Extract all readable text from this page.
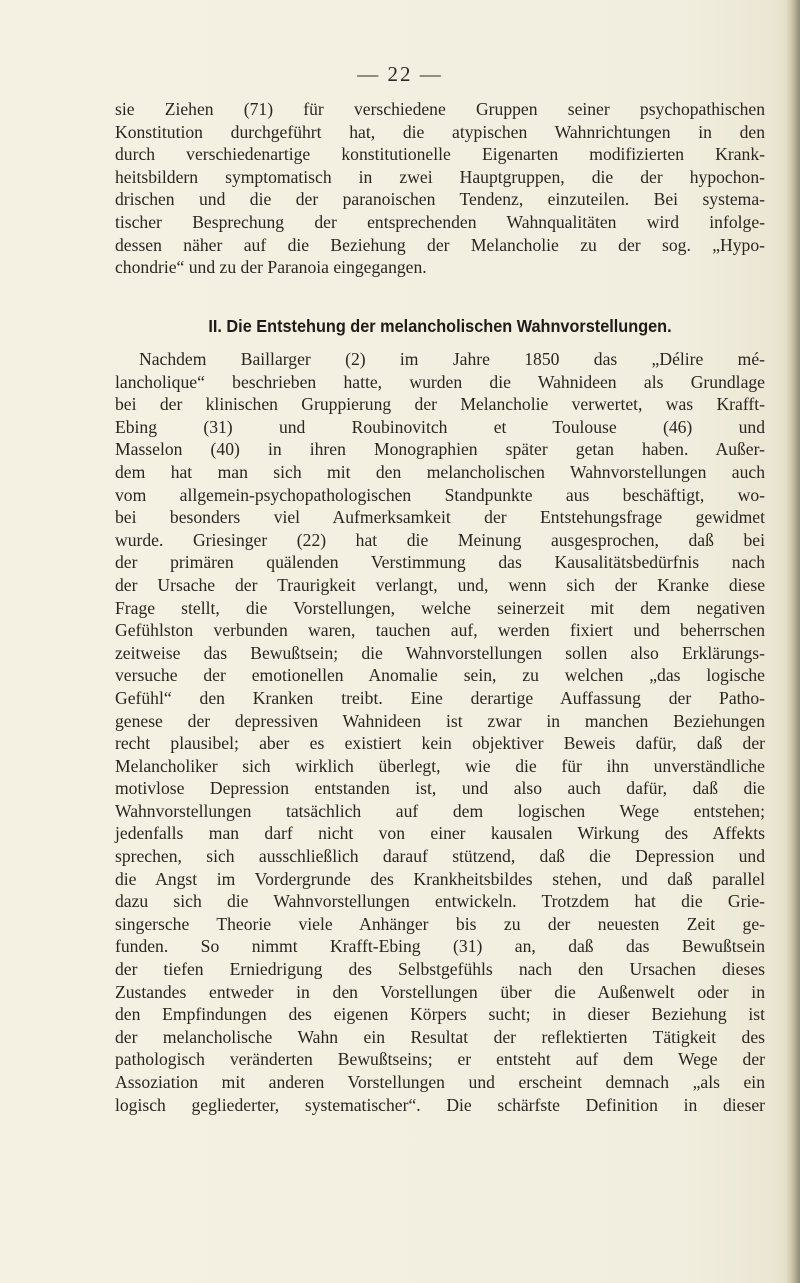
— 22 —
sie Ziehen (71) für verschiedene Gruppen seiner psychopathischen
Konstitution durchgeführt hat, die atypischen Wahnrichtungen in den
durch verschiedenartige konstitutionelle Eigenarten modifizierten Krank-
heitsbildern symptomatisch in zwei Hauptgruppen, die der hypochon-
drischen und die der paranoischen Tendenz, einzuteilen. Bei systema-
tischer Besprechung der entsprechenden Wahnqualitäten wird infolge-
dessen näher auf die Beziehung der Melancholie zu der sog. „Hypo-
chondrie“ und zu der Paranoia eingegangen.
II. Die Entstehung der melancholischen Wahnvorstellungen.
Nachdem Baillarger (2) im Jahre 1850 das „Délire mé-
lancholique“ beschrieben hatte, wurden die Wahnideen als Grundlage
bei der klinischen Gruppierung der Melancholie verwertet, was Krafft-
Ebing (31) und Roubinovitch et Toulouse (46) und
Masselon (40) in ihren Monographien später getan haben. Außer-
dem hat man sich mit den melancholischen Wahnvorstellungen auch
vom allgemein-psychopathologischen Standpunkte aus beschäftigt, wo-
bei besonders viel Aufmerksamkeit der Entstehungsfrage gewidmet
wurde. Griesinger (22) hat die Meinung ausgesprochen, daß bei
der primären quälenden Verstimmung das Kausalitätsbedürfnis nach
der Ursache der Traurigkeit verlangt, und, wenn sich der Kranke diese
Frage stellt, die Vorstellungen, welche seinerzeit mit dem negativen
Gefühlston verbunden waren, tauchen auf, werden fixiert und beherrschen
zeitweise das Bewußtsein; die Wahnvorstellungen sollen also Erklärungs-
versuche der emotionellen Anomalie sein, zu welchen „das logische
Gefühl“ den Kranken treibt. Eine derartige Auffassung der Patho-
genese der depressiven Wahnideen ist zwar in manchen Beziehungen
recht plausibel; aber es existiert kein objektiver Beweis dafür, daß der
Melancholiker sich wirklich überlegt, wie die für ihn unverständliche
motivlose Depression entstanden ist, und also auch dafür, daß die
Wahnvorstellungen tatsächlich auf dem logischen Wege entstehen;
jedenfalls man darf nicht von einer kausalen Wirkung des Affekts
sprechen, sich ausschließlich darauf stützend, daß die Depression und
die Angst im Vordergrunde des Krankheitsbildes stehen, und daß parallel
dazu sich die Wahnvorstellungen entwickeln. Trotzdem hat die Grie-
singersche Theorie viele Anhänger bis zu der neuesten Zeit ge-
funden. So nimmt Krafft-Ebing (31) an, daß das Bewußtsein
der tiefen Erniedrigung des Selbstgefühls nach den Ursachen dieses
Zustandes entweder in den Vorstellungen über die Außenwelt oder in
den Empfindungen des eigenen Körpers sucht; in dieser Beziehung ist
der melancholische Wahn ein Resultat der reflektierten Tätigkeit des
pathologisch veränderten Bewußtseins; er entsteht auf dem Wege der
Assoziation mit anderen Vorstellungen und erscheint demnach „als ein
logisch gegliederter, systematischer“. Die schärfste Definition in dieser
